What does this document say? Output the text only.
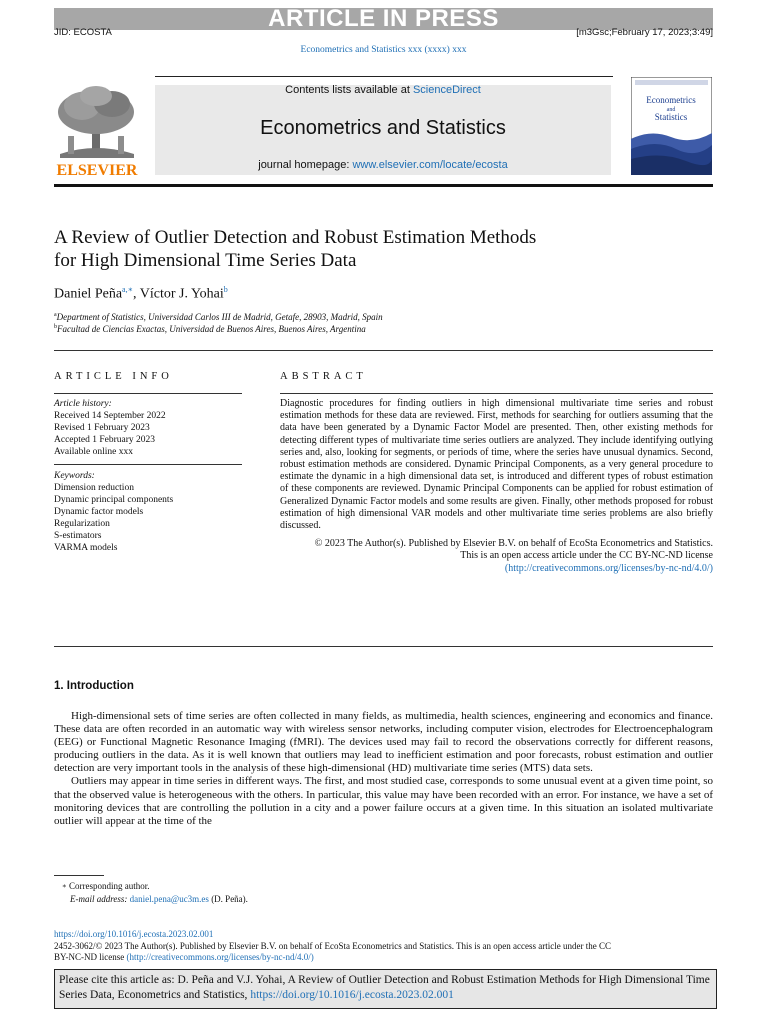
ARTICLE IN PRESS
JID: ECOSTA	[m3Gsc;February 17, 2023;3:49]
Econometrics and Statistics xxx (xxxx) xxx
ELSEVIER
Contents lists available at ScienceDirect
Econometrics and Statistics
journal homepage: www.elsevier.com/locate/ecosta
Econometrics
and
Statistics
A Review of Outlier Detection and Robust Estimation Methods
for High Dimensional Time Series Data
Daniel Peña$^{a,∗}$, Víctor J. Yohai$^b$
$^a$Department of Statistics, Universidad Carlos III de Madrid, Getafe, 28903, Madrid, Spain
$^b$Facultad de Ciencias Exactas, Universidad de Buenos Aires, Buenos Aires, Argentina
ARTICLE INFO	ABSTRACT
Article history:
Received 14 September 2022
Revised 1 February 2023
Accepted 1 February 2023
Available online xxx
Keywords:
Dimension reduction
Dynamic principal components
Dynamic factor models
Regularization
S-estimators
VARMA models
Diagnostic procedures for finding outliers in high dimensional multivariate time series and robust estimation methods for these data are reviewed. First, methods for searching for outliers assuming that the data have been generated by a Dynamic Factor Model are presented. Then, other existing methods for detecting different types of multivariate time series outliers are analyzed. They include identifying outlying series and, also, looking for segments, or periods of time, where the series have unusual dynamics. Second, robust estimation methods are considered. Dynamic Principal Components, as a very general procedure to estimate the dynamic in a high dimensional data set, is introduced and different types of robust estimation of these components are reviewed. Dynamic Principal Components can be applied for robust estimation of Generalized Dynamic Factor models and some results are given. Finally, other methods proposed for robust estimation of high dimensional VAR models and other multivariate time series problems are also briefly discussed.
© 2023 The Author(s). Published by Elsevier B.V. on behalf of EcoSta Econometrics and Statistics.
This is an open access article under the CC BY-NC-ND license
(http://creativecommons.org/licenses/by-nc-nd/4.0/)
1. Introduction

High-dimensional sets of time series are often collected in many fields, as multimedia, health sciences, engineering and economics and finance. These data are often recorded in an automatic way with wireless sensor networks, including computer vision, electrodes for Electroencephalogram (EEG) or Functional Magnetic Resonance Imaging (fMRI). The devices used may fail to record the observations correctly for different reasons, producing outliers in the data. As it is well known that outliers may lead to inefficient estimation and poor forecasts, robust estimation and outlier detection are very important tools in the analysis of these high-dimensional (HD) multivariate time series (MTS) data sets.

Outliers may appear in time series in different ways. The first, and most studied case, corresponds to some unusual event at a given time point, so that the observed value is heterogeneous with the others. In particular, this value may have been recorded with an error. For instance, we have a set of monitoring devices that are controlling the pollution in a city and a power failure occurs at a given time. In this situation an isolated multivariate outlier will appear at the time of the

∗ Corresponding author.
E-mail address: daniel.pena@uc3m.es (D. Peña).
https://doi.org/10.1016/j.ecosta.2023.02.001
2452-3062/© 2023 The Author(s). Published by Elsevier B.V. on behalf of EcoSta Econometrics and Statistics. This is an open access article under the CC
BY-NC-ND license (http://creativecommons.org/licenses/by-nc-nd/4.0/)
Please cite this article as: D. Peña and V.J. Yohai, A Review of Outlier Detection and Robust Estimation Methods for High Dimensional Time Series Data, Econometrics and Statistics, https://doi.org/10.1016/j.ecosta.2023.02.001
